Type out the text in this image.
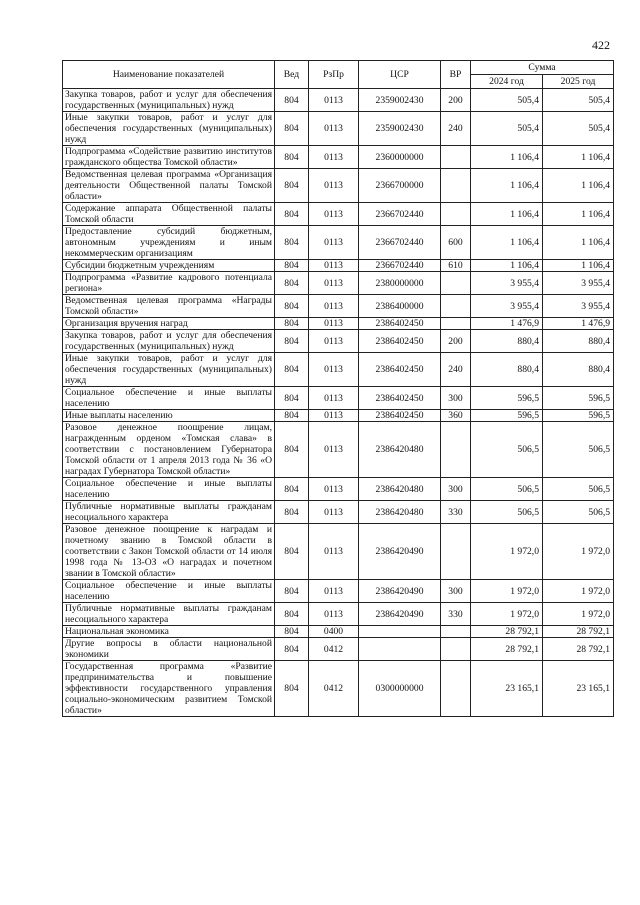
422
Наименование показателей	Вед	РзПр	ЦСР	ВР	Сумма	
					2024 год	2025 год
Закупка товаров, работ и услуг для обеспечения государственных (муниципальных) нужд	804	0113	2359002430	200	505,4	505,4
Иные закупки товаров, работ и услуг для обеспечения государственных (муниципальных) нужд	804	0113	2359002430	240	505,4	505,4
Подпрограмма «Содействие развитию институтов гражданского общества Томской области»	804	0113	2360000000		1 106,4	1 106,4
Ведомственная целевая программа «Организация деятельности Общественной палаты Томской области»	804	0113	2366700000		1 106,4	1 106,4
Содержание аппарата Общественной палаты Томской области	804	0113	2366702440		1 106,4	1 106,4
Предоставление субсидий бюджетным, автономным учреждениям и иным некоммерческим организациям	804	0113	2366702440	600	1 106,4	1 106,4
Субсидии бюджетным учреждениям	804	0113	2366702440	610	1 106,4	1 106,4
Подпрограмма «Развитие кадрового потенциала региона»	804	0113	2380000000		3 955,4	3 955,4
Ведомственная целевая программа «Награды Томской области»	804	0113	2386400000		3 955,4	3 955,4
Организация вручения наград	804	0113	2386402450		1 476,9	1 476,9
Закупка товаров, работ и услуг для обеспечения государственных (муниципальных) нужд	804	0113	2386402450	200	880,4	880,4
Иные закупки товаров, работ и услуг для обеспечения государственных (муниципальных) нужд	804	0113	2386402450	240	880,4	880,4
Социальное обеспечение и иные выплаты населению	804	0113	2386402450	300	596,5	596,5
Иные выплаты населению	804	0113	2386402450	360	596,5	596,5
Разовое денежное поощрение лицам, награжденным орденом «Томская слава» в соответствии с постановлением Губернатора Томской области от 1 апреля 2013 года № 36 «О наградах Губернатора Томской области»	804	0113	2386420480		506,5	506,5
Социальное обеспечение и иные выплаты населению	804	0113	2386420480	300	506,5	506,5
Публичные нормативные выплаты гражданам несоциального характера	804	0113	2386420480	330	506,5	506,5
Разовое денежное поощрение к наградам и почетному званию в Томской области в соответствии с Закон Томской области от 14 июля 1998 года № 13-ОЗ «О наградах и почетном звании в Томской области»	804	0113	2386420490		1 972,0	1 972,0
Социальное обеспечение и иные выплаты населению	804	0113	2386420490	300	1 972,0	1 972,0
Публичные нормативные выплаты гражданам несоциального характера	804	0113	2386420490	330	1 972,0	1 972,0
Национальная экономика	804	0400			28 792,1	28 792,1
Другие вопросы в области национальной экономики	804	0412			28 792,1	28 792,1
Государственная программа «Развитие предпринимательства и повышение эффективности государственного управления социально-экономическим развитием Томской области»	804	0412	0300000000		23 165,1	23 165,1
